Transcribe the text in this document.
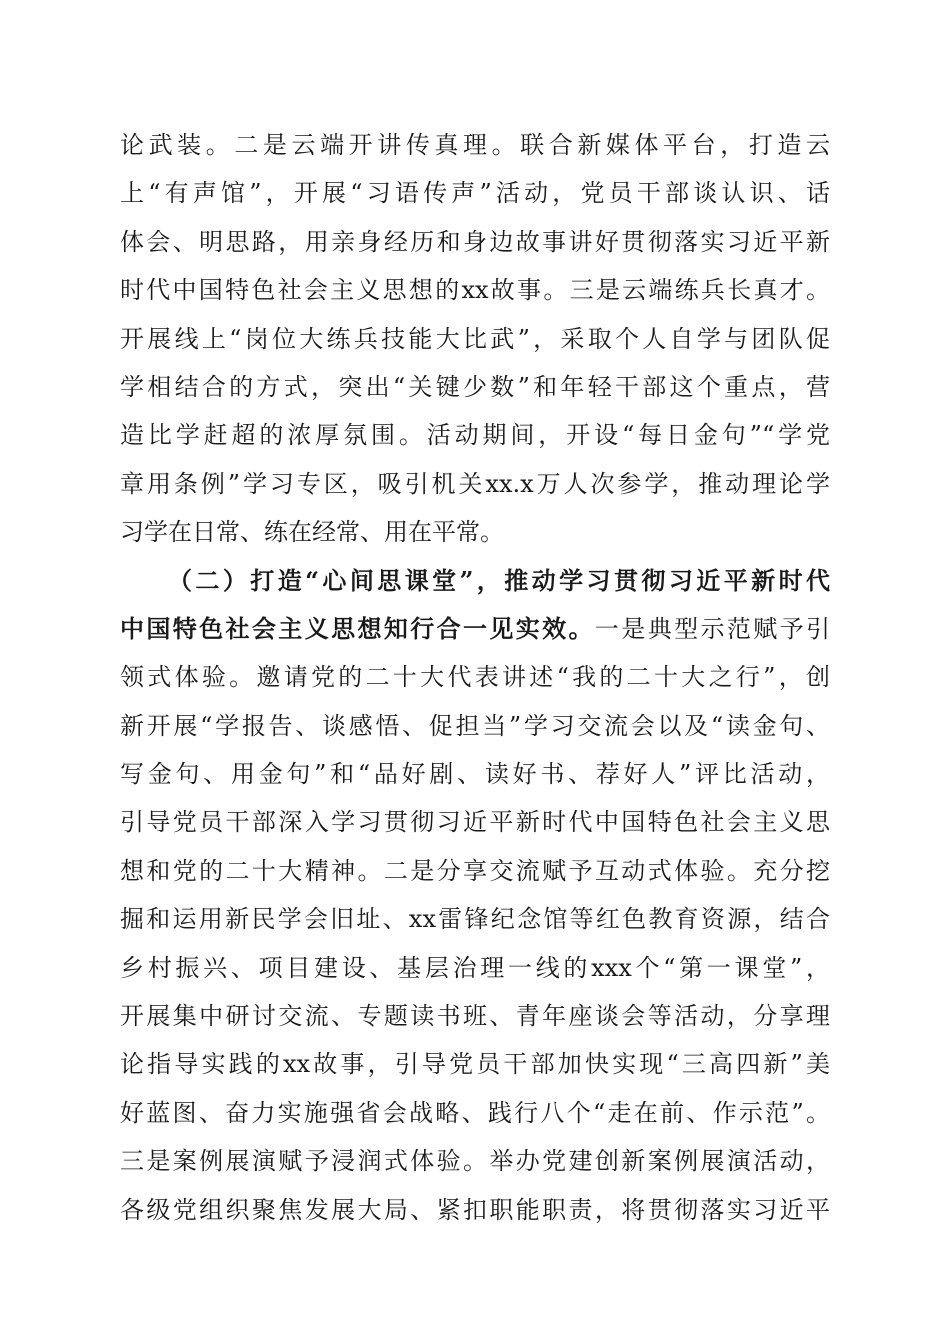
论武装。二是云端开讲传真理。联合新媒体平台，打造云
上“有声馆”，开展“习语传声”活动，党员干部谈认识、话
体会、明思路，用亲身经历和身边故事讲好贯彻落实习近平新
时代中国特色社会主义思想的xx故事。三是云端练兵长真才。
开展线上“岗位大练兵技能大比武”，采取个人自学与团队促
学相结合的方式，突出“关键少数”和年轻干部这个重点，营
造比学赶超的浓厚氛围。活动期间，开设“每日金句”“学党
章用条例”学习专区，吸引机关xx.x万人次参学，推动理论学
习学在日常、练在经常、用在平常。
（二）打造“心间思课堂”，推动学习贯彻习近平新时代
中国特色社会主义思想知行合一见实效。一是典型示范赋予引
领式体验。邀请党的二十大代表讲述“我的二十大之行”，创
新开展“学报告、谈感悟、促担当”学习交流会以及“读金句、
写金句、用金句”和“品好剧、读好书、荐好人”评比活动，
引导党员干部深入学习贯彻习近平新时代中国特色社会主义思
想和党的二十大精神。二是分享交流赋予互动式体验。充分挖
掘和运用新民学会旧址、xx雷锋纪念馆等红色教育资源，结合
乡村振兴、项目建设、基层治理一线的xxx个“第一课堂”，
开展集中研讨交流、专题读书班、青年座谈会等活动，分享理
论指导实践的xx故事，引导党员干部加快实现“三高四新”美
好蓝图、奋力实施强省会战略、践行八个“走在前、作示范”。
三是案例展演赋予浸润式体验。举办党建创新案例展演活动，
各级党组织聚焦发展大局、紧扣职能职责，将贯彻落实习近平
